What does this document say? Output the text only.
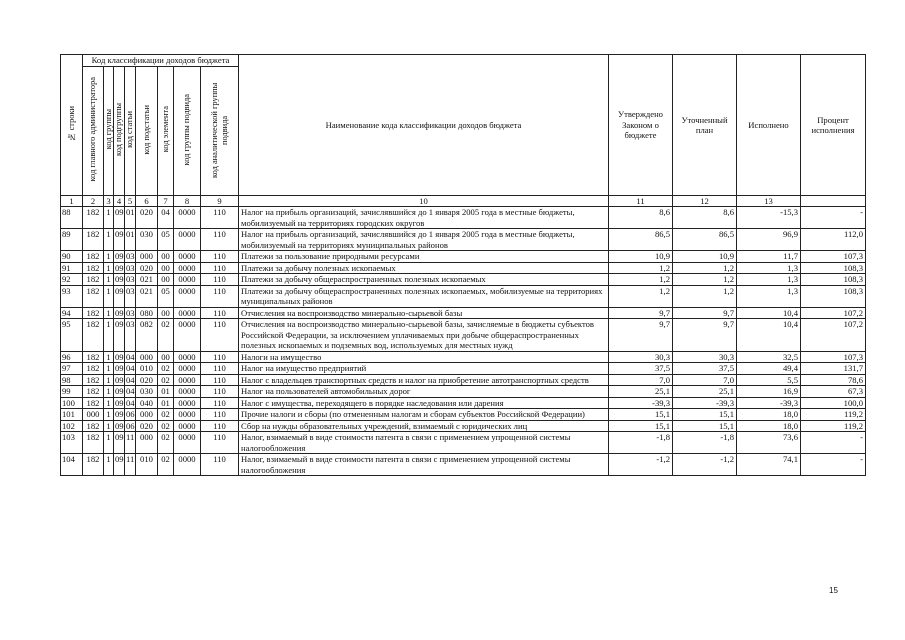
№ строки	Код классификации доходов бюджета								Наименование кода классификации доходов бюджета	Утверждено Законом о бюджете	Уточненный план	Исполнено	Процент исполнения
	код главного администратора	код группы	код подгруппы	код статьи	код подстатьи	код элемента	код группы подвида	код аналитической группы подвида					
1	2	3	4	5	6	7	8	9	10	11	12	13	
88	182	1	09	01	020	04	0000	110	Налог на прибыль организаций, зачислявшийся до 1 января 2005 года в местные бюджеты, мобилизуемый на территориях городских округов	8,6	8,6	-15,3	-
89	182	1	09	01	030	05	0000	110	Налог на прибыль организаций, зачислявшийся до 1 января 2005 года в местные бюджеты, мобилизуемый на территориях муниципальных районов	86,5	86,5	96,9	112,0
90	182	1	09	03	000	00	0000	110	Платежи за пользование природными ресурсами	10,9	10,9	11,7	107,3
91	182	1	09	03	020	00	0000	110	Платежи за добычу полезных ископаемых	1,2	1,2	1,3	108,3
92	182	1	09	03	021	00	0000	110	Платежи за добычу общераспространенных полезных ископаемых	1,2	1,2	1,3	108,3
93	182	1	09	03	021	05	0000	110	Платежи за добычу общераспространенных полезных ископаемых, мобилизуемые на территориях муниципальных районов	1,2	1,2	1,3	108,3
94	182	1	09	03	080	00	0000	110	Отчисления на воспроизводство минерально-сырьевой базы	9,7	9,7	10,4	107,2
95	182	1	09	03	082	02	0000	110	Отчисления на воспроизводство минерально-сырьевой базы, зачисляемые в бюджеты субъектов Российской Федерации, за исключением уплачиваемых при добыче общераспространенных полезных ископаемых и подземных вод, используемых для местных нужд	9,7	9,7	10,4	107,2
96	182	1	09	04	000	00	0000	110	Налоги на имущество	30,3	30,3	32,5	107,3
97	182	1	09	04	010	02	0000	110	Налог на имущество предприятий	37,5	37,5	49,4	131,7
98	182	1	09	04	020	02	0000	110	Налог с владельцев транспортных средств и налог на приобретение автотранспортных средств	7,0	7,0	5,5	78,6
99	182	1	09	04	030	01	0000	110	Налог на пользователей автомобильных дорог	25,1	25,1	16,9	67,3
100	182	1	09	04	040	01	0000	110	Налог с имущества, переходящего в порядке наследования или дарения	-39,3	-39,3	-39,3	100,0
101	000	1	09	06	000	02	0000	110	Прочие налоги и сборы (по отмененным налогам и сборам субъектов Российской Федерации)	15,1	15,1	18,0	119,2
102	182	1	09	06	020	02	0000	110	Сбор на нужды образовательных учреждений, взимаемый с юридических лиц	15,1	15,1	18,0	119,2
103	182	1	09	11	000	02	0000	110	Налог, взимаемый в виде стоимости патента в связи с применением упрощенной системы налогообложения	-1,8	-1,8	73,6	-
104	182	1	09	11	010	02	0000	110	Налог, взимаемый в виде стоимости патента в связи с применением упрощенной системы налогообложения	-1,2	-1,2	74,1	-
15
